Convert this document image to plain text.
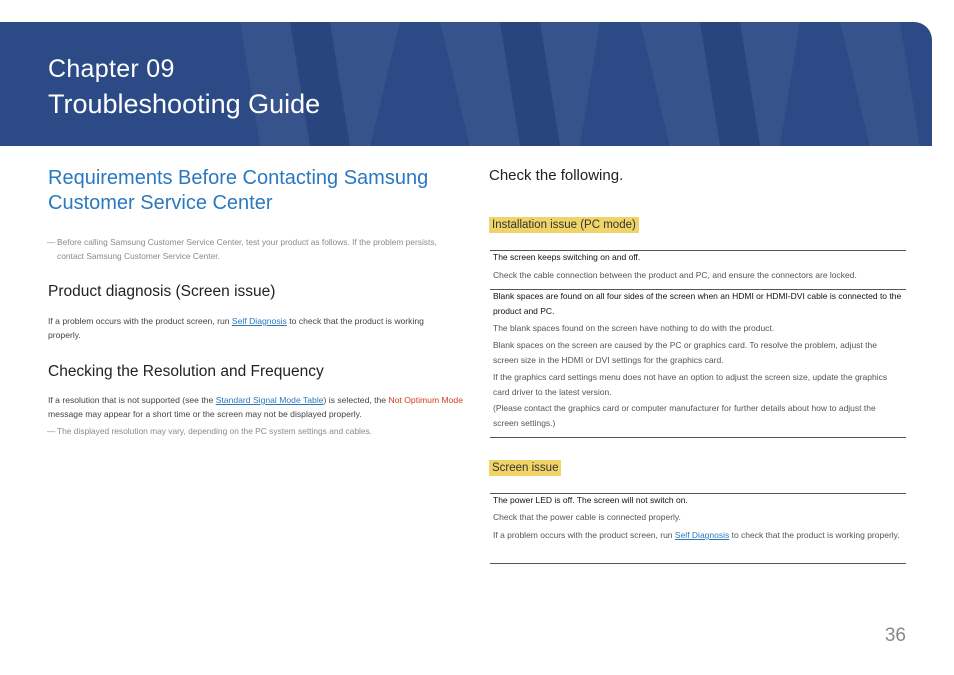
Chapter 09
Troubleshooting Guide
Requirements Before Contacting Samsung Customer Service Center
― Before calling Samsung Customer Service Center, test your product as follows. If the problem persists, contact Samsung Customer Service Center.
Product diagnosis (Screen issue)
If a problem occurs with the product screen, run Self Diagnosis to check that the product is working properly.
Checking the Resolution and Frequency
If a resolution that is not supported (see the Standard Signal Mode Table) is selected, the Not Optimum Mode message may appear for a short time or the screen may not be displayed properly.
― The displayed resolution may vary, depending on the PC system settings and cables.
Check the following.
Installation issue (PC mode)
The screen keeps switching on and off.
Check the cable connection between the product and PC, and ensure the connectors are locked.
Blank spaces are found on all four sides of the screen when an HDMI or HDMI-DVI cable is connected to the product and PC.
The blank spaces found on the screen have nothing to do with the product.
Blank spaces on the screen are caused by the PC or graphics card. To resolve the problem, adjust the screen size in the HDMI or DVI settings for the graphics card.
If the graphics card settings menu does not have an option to adjust the screen size, update the graphics card driver to the latest version.
(Please contact the graphics card or computer manufacturer for further details about how to adjust the screen settings.)
Screen issue
The power LED is off. The screen will not switch on.
Check that the power cable is connected properly.
If a problem occurs with the product screen, run Self Diagnosis to check that the product is working properly.
36
